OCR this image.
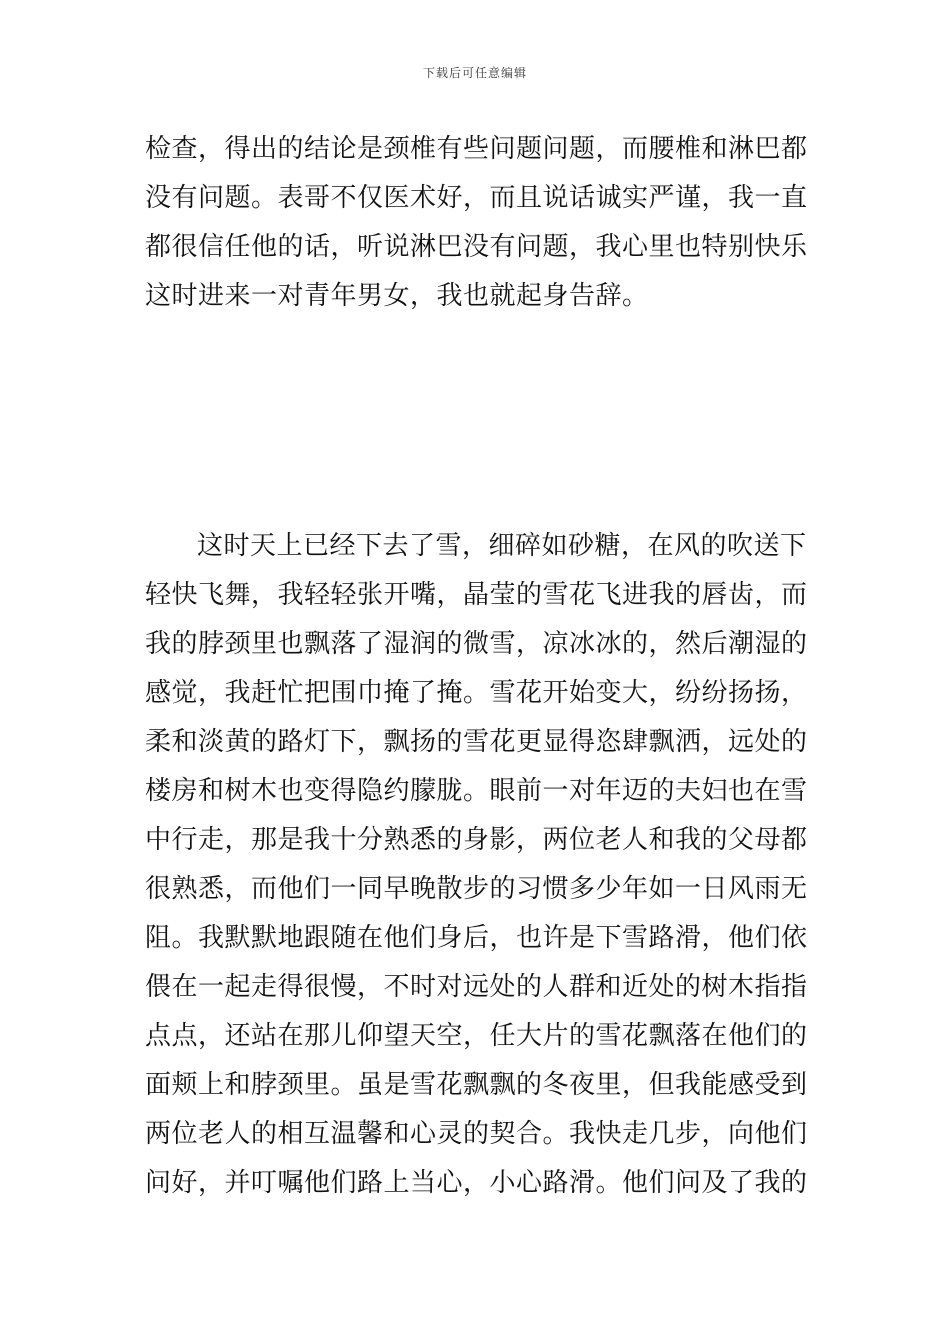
下载后可任意编辑
检查，得出的结论是颈椎有些问题问题，而腰椎和淋巴都
没有问题。表哥不仅医术好，而且说话诚实严谨，我一直
都很信任他的话，听说淋巴没有问题，我心里也特别快乐
这时进来一对青年男女，我也就起身告辞。
这时天上已经下去了雪，细碎如砂糖，在风的吹送下
轻快飞舞，我轻轻张开嘴，晶莹的雪花飞进我的唇齿，而
我的脖颈里也飘落了湿润的微雪，凉冰冰的，然后潮湿的
感觉，我赶忙把围巾掩了掩。雪花开始变大，纷纷扬扬，
柔和淡黄的路灯下，飘扬的雪花更显得恣肆飘洒，远处的
楼房和树木也变得隐约朦胧。眼前一对年迈的夫妇也在雪
中行走，那是我十分熟悉的身影，两位老人和我的父母都
很熟悉，而他们一同早晚散步的习惯多少年如一日风雨无
阻。我默默地跟随在他们身后，也许是下雪路滑，他们依
偎在一起走得很慢，不时对远处的人群和近处的树木指指
点点，还站在那儿仰望天空，任大片的雪花飘落在他们的
面颊上和脖颈里。虽是雪花飘飘的冬夜里，但我能感受到
两位老人的相互温馨和心灵的契合。我快走几步，向他们
问好，并叮嘱他们路上当心，小心路滑。他们问及了我的
